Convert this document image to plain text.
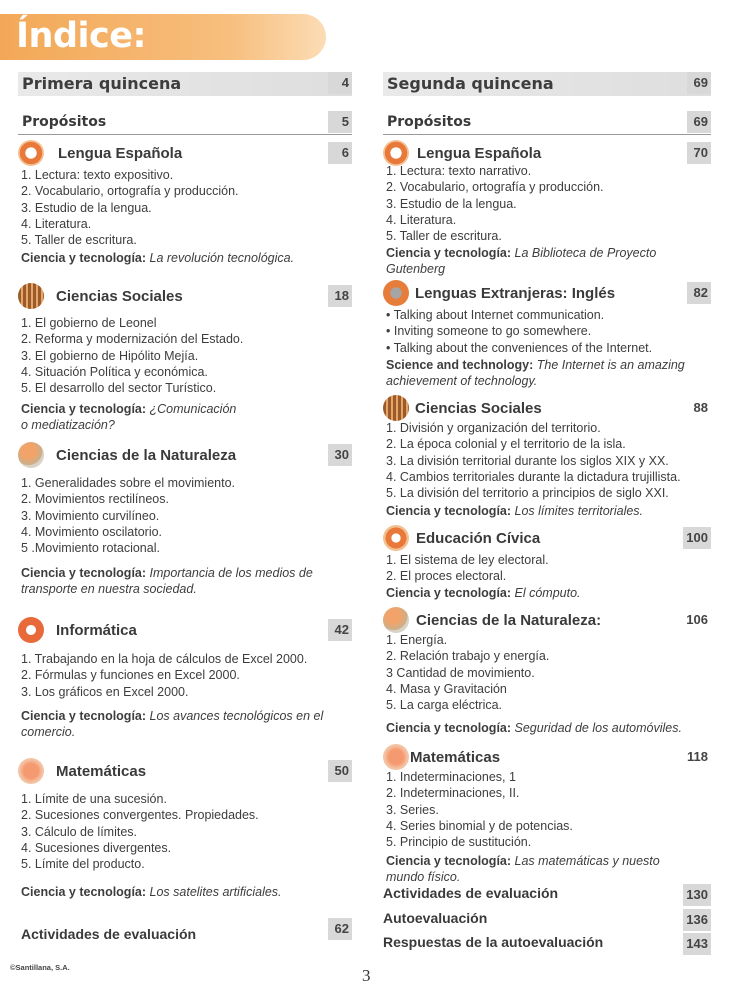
Índice:
Primera quincena	4
Propósitos	5
Lengua Española	6
1. Lectura: texto expositivo.
2. Vocabulario, ortografía y producción.
3. Estudio de la lengua.
4. Literatura.
5. Taller de escritura.
Ciencia y tecnología: La revolución tecnológica.
Ciencias Sociales	18
1. El gobierno de Leonel
2. Reforma y modernización del Estado.
3. El gobierno de Hipólito Mejía.
4. Situación Política y económica.
5. El desarrollo del sector Turístico.
Ciencia y tecnología: ¿Comunicación
o mediatización?
Ciencias de la Naturaleza	30
1. Generalidades sobre el movimiento.
2. Movimientos rectilíneos.
3. Movimiento curvilíneo.
4. Movimiento oscilatorio.
5 .Movimiento rotacional.
Ciencia y tecnología: Importancia de los medios de
transporte en nuestra sociedad.
Informática	42
1. Trabajando en la hoja de cálculos de Excel 2000.
2. Fórmulas y funciones en Excel 2000.
3. Los gráficos en Excel 2000.
Ciencia y tecnología: Los avances tecnológicos en el
comercio.
Matemáticas	50
1. Límite de una sucesión.
2. Sucesiones convergentes. Propiedades.
3. Cálculo de límites.
4. Sucesiones divergentes.
5. Límite del producto.
Ciencia y tecnología: Los satelites artificiales.
Actividades de evaluación	62
Segunda quincena	69
Propósitos	69
Lengua Española	70
1. Lectura: texto narrativo.
2. Vocabulario, ortografía y producción.
3. Estudio de la lengua.
4. Literatura.
5. Taller de escritura.
Ciencia y tecnología: La Biblioteca de Proyecto
Gutenberg
Lenguas Extranjeras: Inglés	82
• Talking about Internet communication.
• Inviting someone to go somewhere.
• Talking about the conveniences of the Internet.
Science and technology: The Internet is an amazing
achievement of technology.
Ciencias Sociales	88
1. División y organización del territorio.
2. La época colonial y el territorio de la isla.
3. La división territorial durante los siglos XIX y XX.
4. Cambios territoriales durante la dictadura trujillista.
5. La división del territorio a principios de siglo XXI.
Ciencia y tecnología: Los límites territoriales.
Educación Cívica	100
1. El sistema de ley electoral.
2. El proces electoral.
Ciencia y tecnología: El cómputo.
Ciencias de la Naturaleza:	106
1. Energía.
2. Relación trabajo y energía.
3 Cantidad de movimiento.
4. Masa y Gravitación
5. La carga eléctrica.
Ciencia y tecnología: Seguridad de los automóviles.
Matemáticas	118
1. Indeterminaciones, 1
2. Indeterminaciones, II.
3. Series.
4. Series binomial y de potencias.
5. Principio de sustitución.
Ciencia y tecnología: Las matemáticas y nuesto
mundo físico.
Actividades de evaluación	130
Autoevaluación	136
Respuestas de la autoevaluación	143
©Santillana, S.A.	3
